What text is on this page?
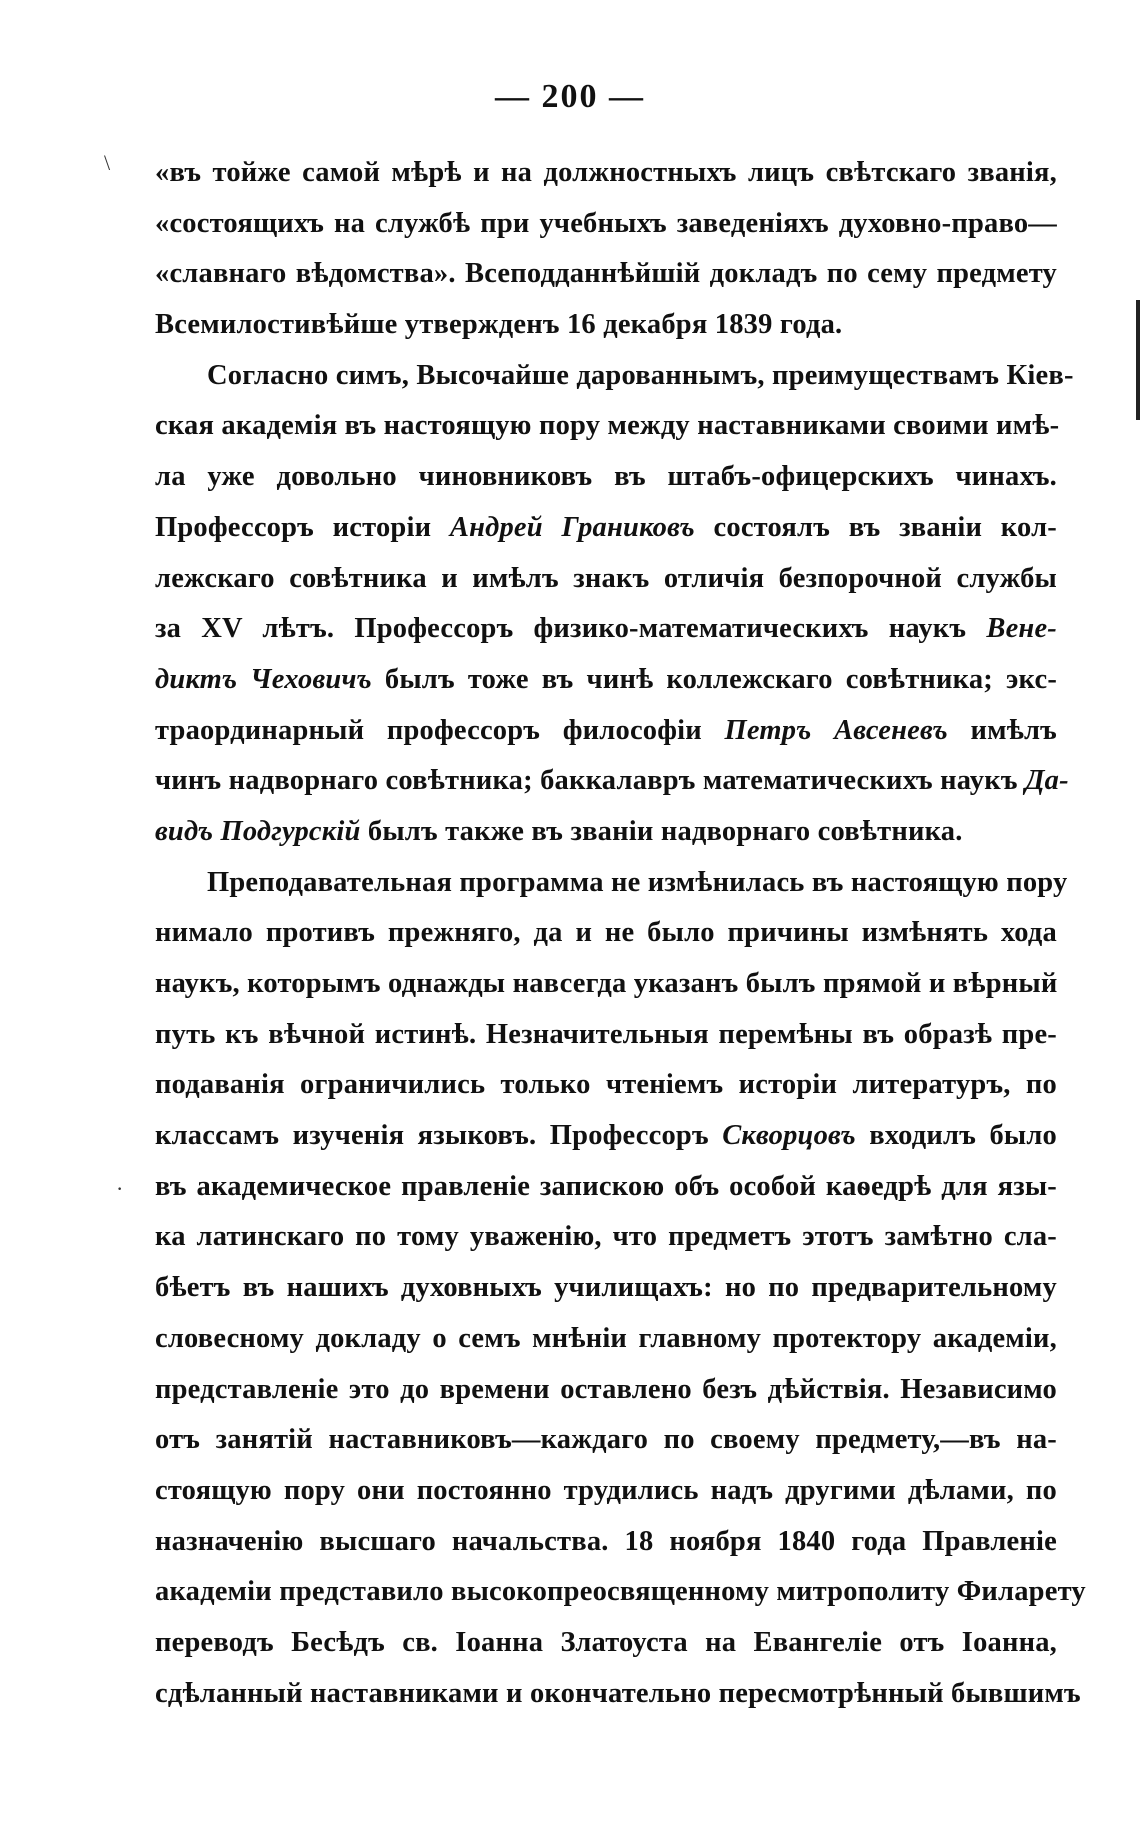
— 200 —
\
·
«въ тойже самой мѣрѣ и на должностныхъ лицъ свѣтскаго званія,
«состоящихъ на службѣ при учебныхъ заведеніяхъ духовно-право—
«славнаго вѣдомства». Всеподданнѣйшій докладъ по сему предмету
Всемилостивѣйше утвержденъ 16 декабря 1839 года.
Согласно симъ, Высочайше дарованнымъ, преимуществамъ Кіев-
ская академія въ настоящую пору между наставниками своими имѣ-
ла уже довольно чиновниковъ въ штабъ-офицерскихъ чинахъ.
Профессоръ исторіи Андрей Граниковъ состоялъ въ званіи кол-
лежскаго совѣтника и имѣлъ знакъ отличія безпорочной службы
за XV лѣтъ. Профессоръ физико-математическихъ наукъ Вене-
диктъ Чеховичъ былъ тоже въ чинѣ коллежскаго совѣтника; экс-
траординарный профессоръ философіи Петръ Авсеневъ имѣлъ
чинъ надворнаго совѣтника; баккалавръ математическихъ наукъ Да-
видъ Подгурскій былъ также въ званіи надворнаго совѣтника.
Преподавательная программа не измѣнилась въ настоящую пору
нимало противъ прежняго, да и не было причины измѣнять хода
наукъ, которымъ однажды навсегда указанъ былъ прямой и вѣрный
путь къ вѣчной истинѣ. Незначительныя перемѣны въ образѣ пре-
подаванія ограничились только чтеніемъ исторіи литературъ, по
классамъ изученія языковъ. Профессоръ Скворцовъ входилъ было
въ академическое правленіе запискою объ особой каѳедрѣ для язы-
ка латинскаго по тому уваженію, что предметъ этотъ замѣтно сла-
бѣетъ въ нашихъ духовныхъ училищахъ: но по предварительному
словесному докладу о семъ мнѣніи главному протектору академіи,
представленіе это до времени оставлено безъ дѣйствія. Независимо
отъ занятій наставниковъ—каждаго по своему предмету,—въ на-
стоящую пору они постоянно трудились надъ другими дѣлами, по
назначенію высшаго начальства. 18 ноября 1840 года Правленіе
академіи представило высокопреосвященному митрополиту Филарету
переводъ Бесѣдъ св. Іоанна Златоуста на Евангеліе отъ Іоанна,
сдѣланный наставниками и окончательно пересмотрѣнный бывшимъ
